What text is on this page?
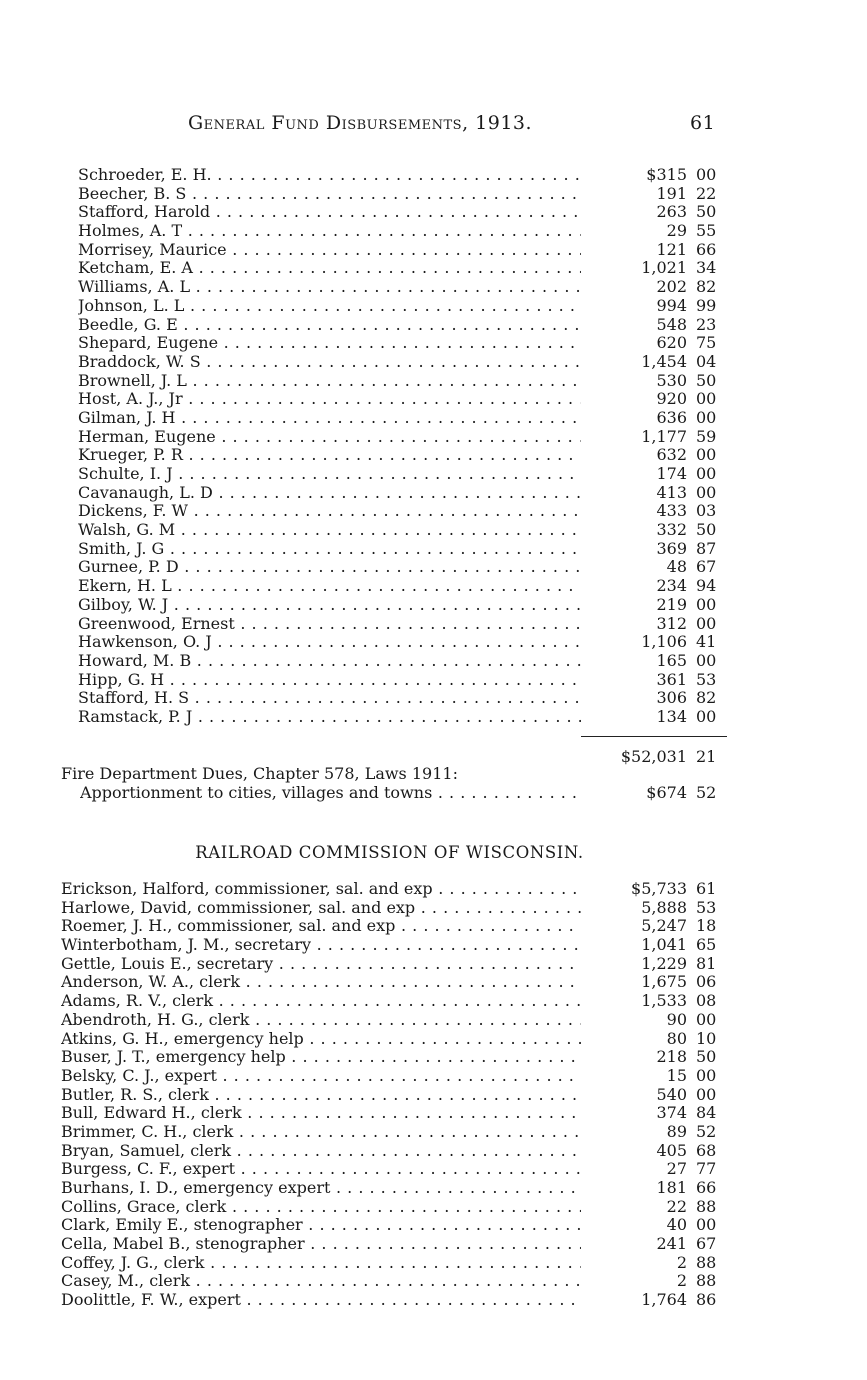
General Fund Disbursements, 1913.	61
Schroeder, E. H. . . .	$315 00
Beecher, B. S . . .	191 22
Stafford, Harold . . .	263 50
Holmes, A. T . . .	29 55
Morrisey, Maurice . . .	121 66
Ketcham, E. A . . .	1,021 34
Williams, A. L . . .	202 82
Johnson, L. L . . .	994 99
Beedle, G. E . . .	548 23
Shepard, Eugene . . .	620 75
Braddock, W. S . . .	1,454 04
Brownell, J. L . . .	530 50
Host, A. J., Jr . . .	920 00
Gilman, J. H . . .	636 00
Herman, Eugene . . .	1,177 59
Krueger, P. R . . .	632 00
Schulte, I. J . . .	174 00
Cavanaugh, L. D . . .	413 00
Dickens, F. W . . .	433 03
Walsh, G. M . . .	332 50
Smith, J. G . . .	369 87
Gurnee, P. D . . .	48 67
Ekern, H. L . . .	234 94
Gilboy, W. J . . .	219 00
Greenwood, Ernest . . .	312 00
Hawkenson, O. J . . .	1,106 41
Howard, M. B . . .	165 00
Hipp, G. H . . .	361 53
Stafford, H. S . . .	306 82
Ramstack, P. J . . .	134 00
$52,031 21
Fire Department Dues, Chapter 578, Laws 1911:
Apportionment to cities, villages and towns . . .	$674 52
RAILROAD COMMISSION OF WISCONSIN.
Erickson, Halford, commissioner, sal. and exp . . .	$5,733 61
Harlowe, David, commissioner, sal. and exp . . .	5,888 53
Roemer, J. H., commissioner, sal. and exp . . .	5,247 18
Winterbotham, J. M., secretary . . .	1,041 65
Gettle, Louis E., secretary . . .	1,229 81
Anderson, W. A., clerk . . .	1,675 06
Adams, R. V., clerk . . .	1,533 08
Abendroth, H. G., clerk . . .	90 00
Atkins, G. H., emergency help . . .	80 10
Buser, J. T., emergency help . . .	218 50
Belsky, C. J., expert . . .	15 00
Butler, R. S., clerk . . .	540 00
Bull, Edward H., clerk . . .	374 84
Brimmer, C. H., clerk . . .	89 52
Bryan, Samuel, clerk . . .	405 68
Burgess, C. F., expert . . .	27 77
Burhans, I. D., emergency expert . . .	181 66
Collins, Grace, clerk . . .	22 88
Clark, Emily E., stenographer . . .	40 00
Cella, Mabel B., stenographer . . .	241 67
Coffey, J. G., clerk . . .	2 88
Casey, M., clerk . . .	2 88
Doolittle, F. W., expert . . .	1,764 86
